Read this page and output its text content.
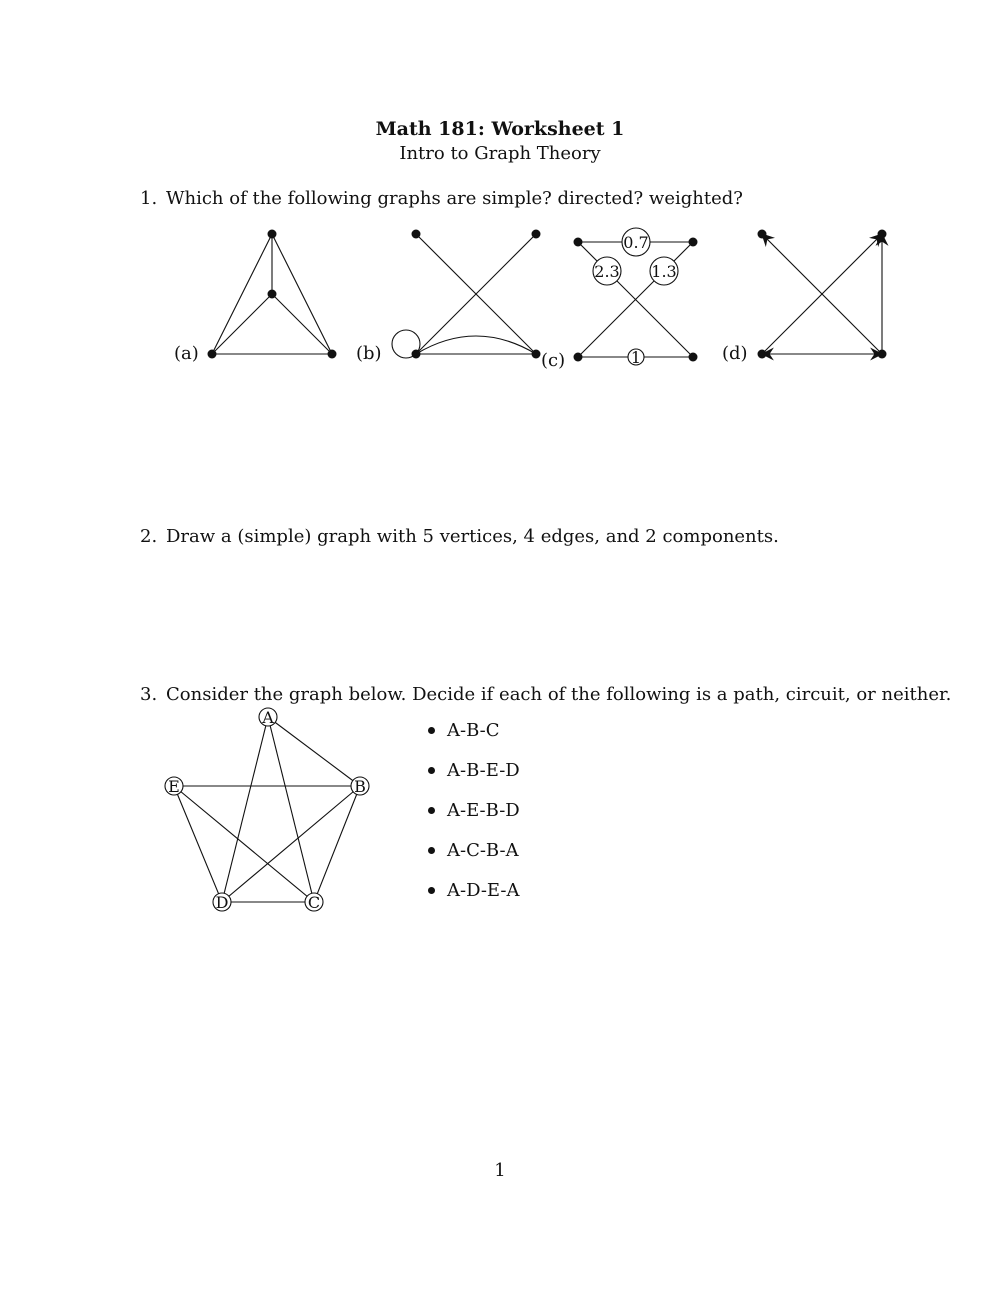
Math 181: Worksheet 1
Intro to Graph Theory
1. Which of the following graphs are simple? directed? weighted?
0.7
2.3 1.3
1
(a)	(b)	(c)	(d)
2. Draw a (simple) graph with 5 vertices, 4 edges, and 2 components.
3. Consider the graph below. Decide if each of the following is a path, circuit, or neither.
A
B
C
D
E
A-B-C
A-B-E-D
A-E-B-D
A-C-B-A
A-D-E-A
1
